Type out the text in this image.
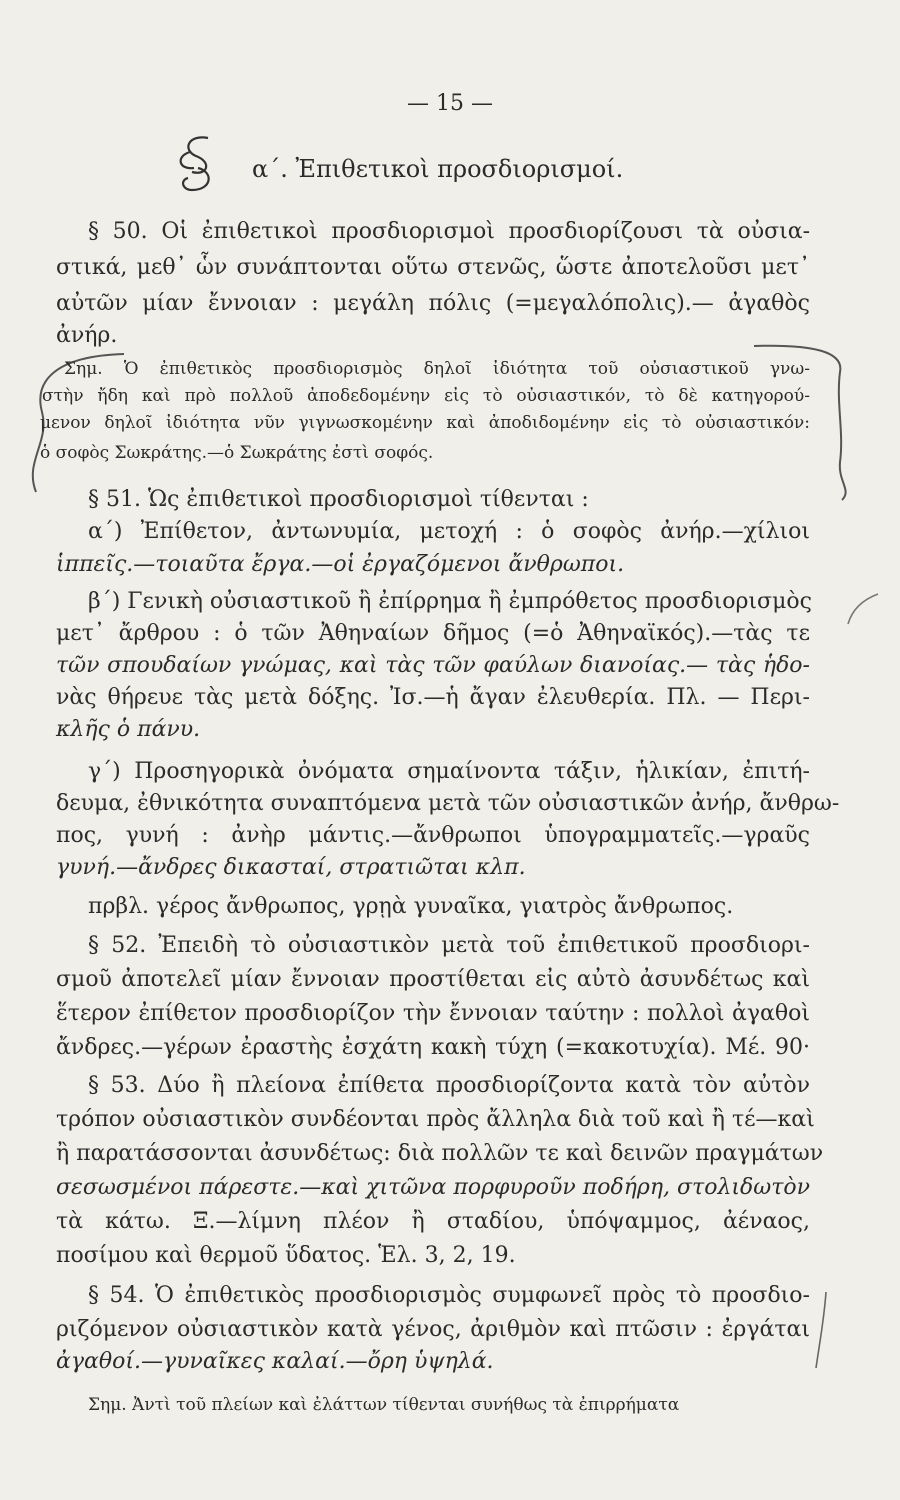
— 15 —
α΄. Ἐπιθετικοὶ προσδιορισμοί.
§ 50. Οἱ ἐπιθετικοὶ προσδιορισμοὶ προσδιορίζουσι τὰ οὐσια-
στικά, μεθ᾿ ὧν συνάπτονται οὕτω στενῶς, ὥστε ἀποτελοῦσι μετ᾿
αὐτῶν μίαν ἔννοιαν : μεγάλη πόλις (=μεγαλόπολις).— ἀγαθὸς
ἀνήρ.
Σημ. Ὁ ἐπιθετικὸς προσδιορισμὸς δηλοῖ ἰδιότητα τοῦ οὐσιαστικοῦ γνω-
στὴν ἤδη καὶ πρὸ πολλοῦ ἀποδεδομένην εἰς τὸ οὐσιαστικόν, τὸ δὲ κατηγορού-
μενον δηλοῖ ἰδιότητα νῦν γιγνωσκομένην καὶ ἀποδιδομένην εἰς τὸ οὐσιαστικόν:
ὁ σοφὸς Σωκράτης.—ὁ Σωκράτης ἐστὶ σοφός.
§ 51. Ὡς ἐπιθετικοὶ προσδιορισμοὶ τίθενται :
α΄) Ἐπίθετον, ἀντωνυμία, μετοχή : ὁ σοφὸς ἀνήρ.—χίλιοι
ἱππεῖς.—τοιαῦτα ἔργα.—οἱ ἐργαζόμενοι ἄνθρωποι.
β΄) Γενικὴ οὐσιαστικοῦ ἢ ἐπίρρημα ἢ ἐμπρόθετος προσδιορισμὸς
μετ᾿ ἄρθρου : ὁ τῶν Ἀθηναίων δῆμος (=ὁ Ἀθηναϊκός).—τὰς τε
τῶν σπουδαίων γνώμας, καὶ τὰς τῶν φαύλων διανοίας.— τὰς ἡδο-
νὰς θήρευε τὰς μετὰ δόξης. Ἰσ.—ἡ ἄγαν ἐλευθερία. Πλ. — Περι-
κλῆς ὁ πάνυ.
γ΄) Προσηγορικὰ ὀνόματα σημαίνοντα τάξιν, ἡλικίαν, ἐπιτή-
δευμα, ἐθνικότητα συναπτόμενα μετὰ τῶν οὐσιαστικῶν ἀνήρ, ἄνθρω-
πος, γυνή : ἀνὴρ μάντις.—ἄνθρωποι ὑπογραμματεῖς.—γραῦς
γυνή.—ἄνδρες δικασταί, στρατιῶται κλπ.
πρβλ. γέρος ἄνθρωπος, γρῃὰ γυναῖκα, γιατρὸς ἄνθρωπος.
§ 52. Ἐπειδὴ τὸ οὐσιαστικὸν μετὰ τοῦ ἐπιθετικοῦ προσδιορι-
σμοῦ ἀποτελεῖ μίαν ἔννοιαν προστίθεται εἰς αὐτὸ ἀσυνδέτως καὶ
ἕτερον ἐπίθετον προσδιορίζον τὴν ἔννοιαν ταύτην : πολλοὶ ἀγαθοὶ
ἄνδρες.—γέρων ἐραστὴς ἐσχάτη κακὴ τύχη (=κακοτυχία). Μέ. 90·
§ 53. Δύο ἢ πλείονα ἐπίθετα προσδιορίζοντα κατὰ τὸν αὐτὸν
τρόπον οὐσιαστικὸν συνδέονται πρὸς ἄλληλα διὰ τοῦ καὶ ἢ τέ—καὶ
ἢ παρατάσσονται ἀσυνδέτως: διὰ πολλῶν τε καὶ δεινῶν πραγμάτων
σεσωσμένοι πάρεστε.—καὶ χιτῶνα πορφυροῦν ποδήρη, στολιδωτὸν
τὰ κάτω. Ξ.—λίμνη πλέον ἢ σταδίου, ὑπόψαμμος, ἀέναος,
ποσίμου καὶ θερμοῦ ὕδατος. Ἑλ. 3, 2, 19.
§ 54. Ὁ ἐπιθετικὸς προσδιορισμὸς συμφωνεῖ πρὸς τὸ προσδιο-
ριζόμενον οὐσιαστικὸν κατὰ γένος, ἀριθμὸν καὶ πτῶσιν : ἐργάται
ἀγαθοί.—γυναῖκες καλαί.—ὄρη ὑψηλά.
Σημ. Ἀντὶ τοῦ πλείων καὶ ἐλάττων τίθενται συνήθως τὰ ἐπιρρήματα
